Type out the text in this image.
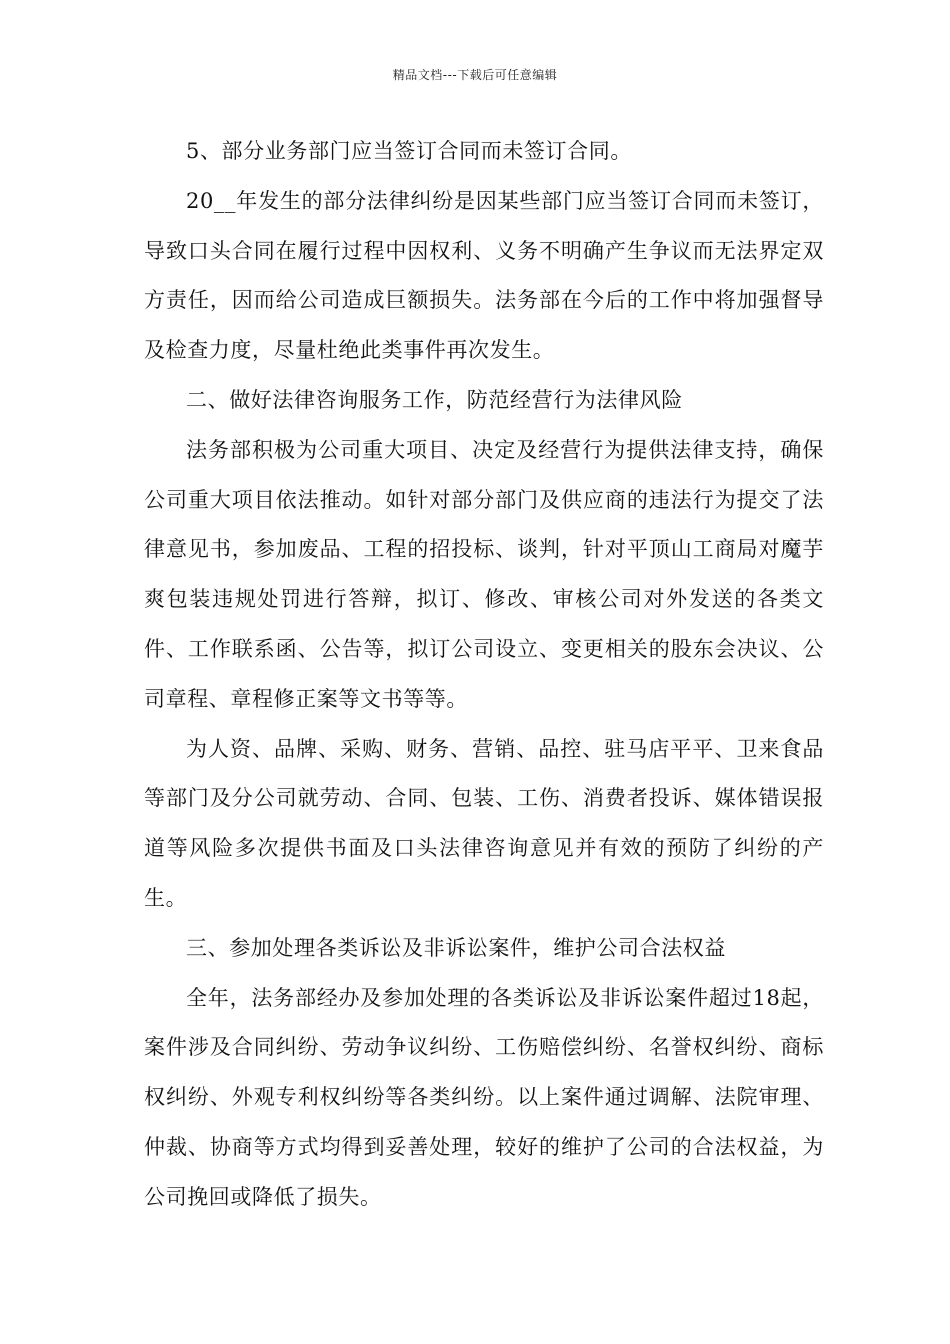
精品文档---下载后可任意编辑

5、部分业务部门应当签订合同而未签订合同。

20__年发生的部分法律纠纷是因某些部门应当签订合同而未签订，导致口头合同在履行过程中因权利、义务不明确产生争议而无法界定双方责任，因而给公司造成巨额损失。法务部在今后的工作中将加强督导及检查力度，尽量杜绝此类事件再次发生。

二、做好法律咨询服务工作，防范经营行为法律风险

法务部积极为公司重大项目、决定及经营行为提供法律支持，确保公司重大项目依法推动。如针对部分部门及供应商的违法行为提交了法律意见书，参加废品、工程的招投标、谈判，针对平顶山工商局对魔芋爽包装违规处罚进行答辩，拟订、修改、审核公司对外发送的各类文件、工作联系函、公告等，拟订公司设立、变更相关的股东会决议、公司章程、章程修正案等文书等等。

为人资、品牌、采购、财务、营销、品控、驻马店平平、卫来食品等部门及分公司就劳动、合同、包装、工伤、消费者投诉、媒体错误报道等风险多次提供书面及口头法律咨询意见并有效的预防了纠纷的产生。

三、参加处理各类诉讼及非诉讼案件，维护公司合法权益

全年，法务部经办及参加处理的各类诉讼及非诉讼案件超过18起，案件涉及合同纠纷、劳动争议纠纷、工伤赔偿纠纷、名誉权纠纷、商标权纠纷、外观专利权纠纷等各类纠纷。以上案件通过调解、法院审理、仲裁、协商等方式均得到妥善处理，较好的维护了公司的合法权益，为公司挽回或降低了损失。
